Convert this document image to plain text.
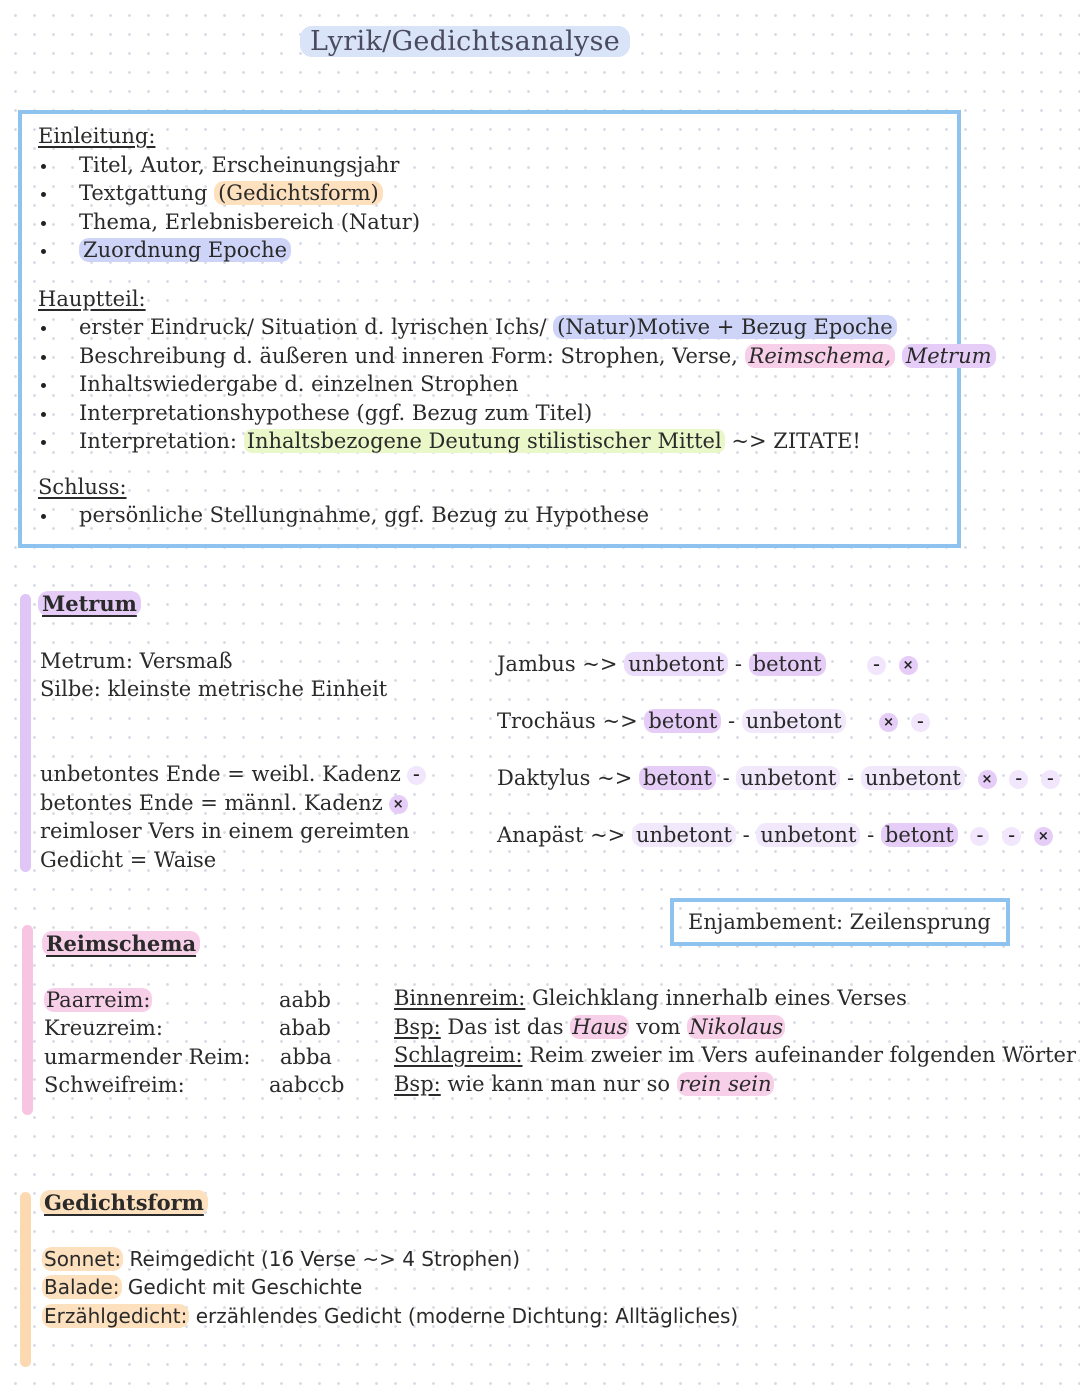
Lyrik/Gedichtsanalyse
Einleitung:
Titel, Autor, Erscheinungsjahr
Textgattung (Gedichtsform)
Thema, Erlebnisbereich (Natur)
Zuordnung Epoche
Hauptteil:
erster Eindruck/ Situation d. lyrischen Ichs/ (Natur)Motive + Bezug Epoche
Beschreibung d. äußeren und inneren Form: Strophen, Verse, Reimschema, Metrum
Inhaltswiedergabe d. einzelnen Strophen
Interpretationshypothese (ggf. Bezug zum Titel)
Interpretation: Inhaltsbezogene Deutung stilistischer Mittel ~> ZITATE!
Schluss:
persönliche Stellungnahme, ggf. Bezug zu Hypothese
Metrum
Metrum: Versmaß
Silbe: kleinste metrische Einheit
unbetontes Ende = weibl. Kadenz –
betontes Ende = männl. Kadenz ×
reimloser Vers in einem gereimten
Gedicht = Waise
Jambus ~> unbetont - betont	– ×
Trochäus ~> betont - unbetont	× –
Daktylus ~> betont - unbetont - unbetont × – –
Anapäst ~> unbetont - unbetont - betont – – ×
Enjambement: Zeilensprung
Reimschema
Paarreim:	aabb
Kreuzreim:	abab
umarmender Reim: abba
Schweifreim:	aabccb
Binnenreim: Gleichklang innerhalb eines Verses
Bsp: Das ist das Haus vom Nikolaus
Schlagreim: Reim zweier im Vers aufeinander folgenden Wörter
Bsp: wie kann man nur so rein sein
Gedichtsform
Sonnet: Reimgedicht (16 Verse ~> 4 Strophen)
Balade: Gedicht mit Geschichte
Erzählgedicht: erzählendes Gedicht (moderne Dichtung: Alltägliches)
